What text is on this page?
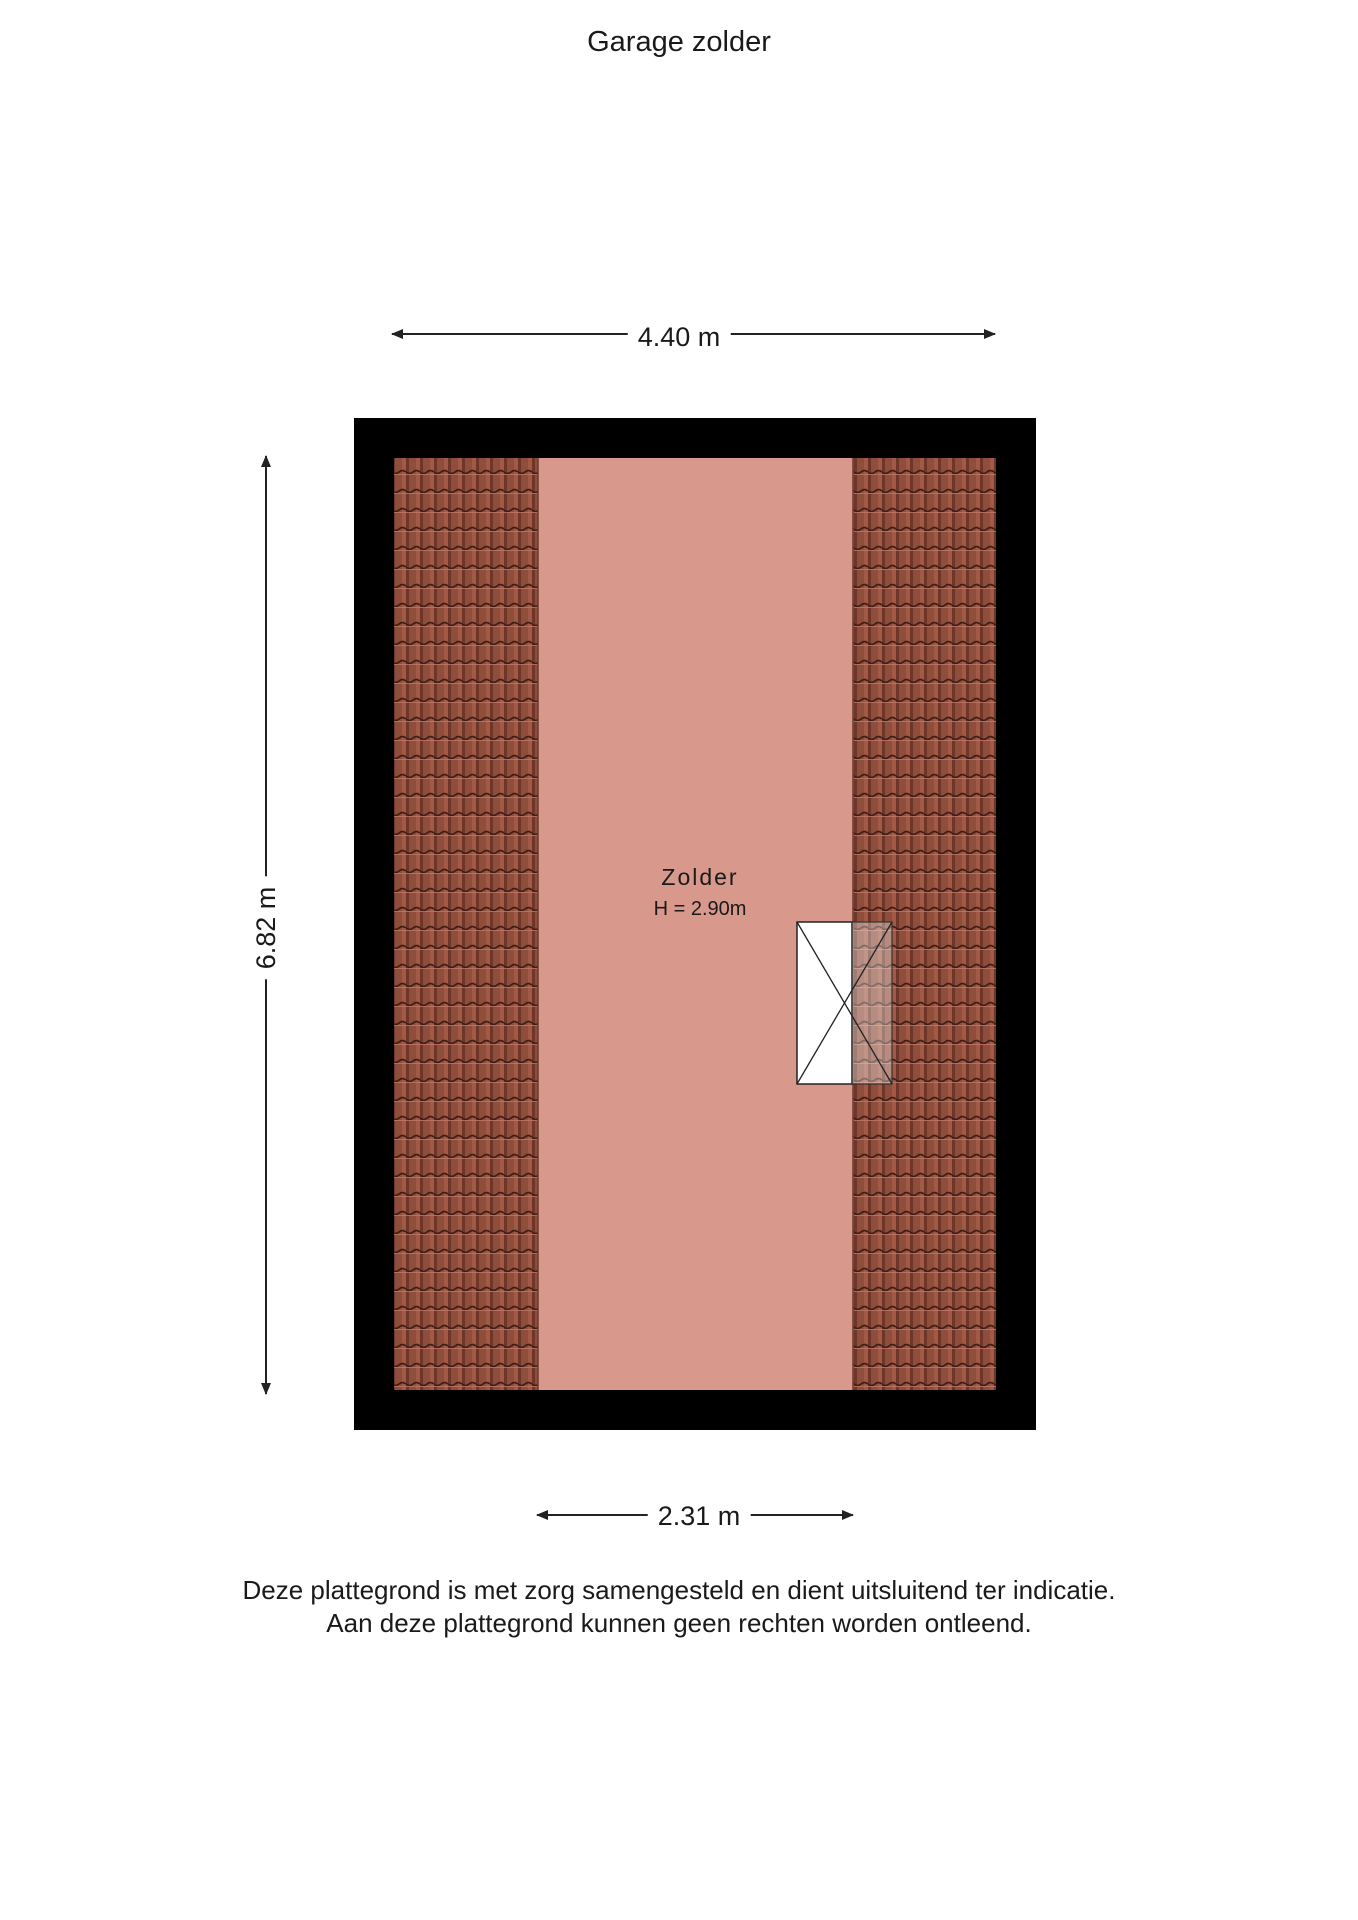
Garage zolder
4.40 m
6.82 m
2.31 m
Zolder
H = 2.90m
Deze plattegrond is met zorg samengesteld en dient uitsluitend ter indicatie.
Aan deze plattegrond kunnen geen rechten worden ontleend.
